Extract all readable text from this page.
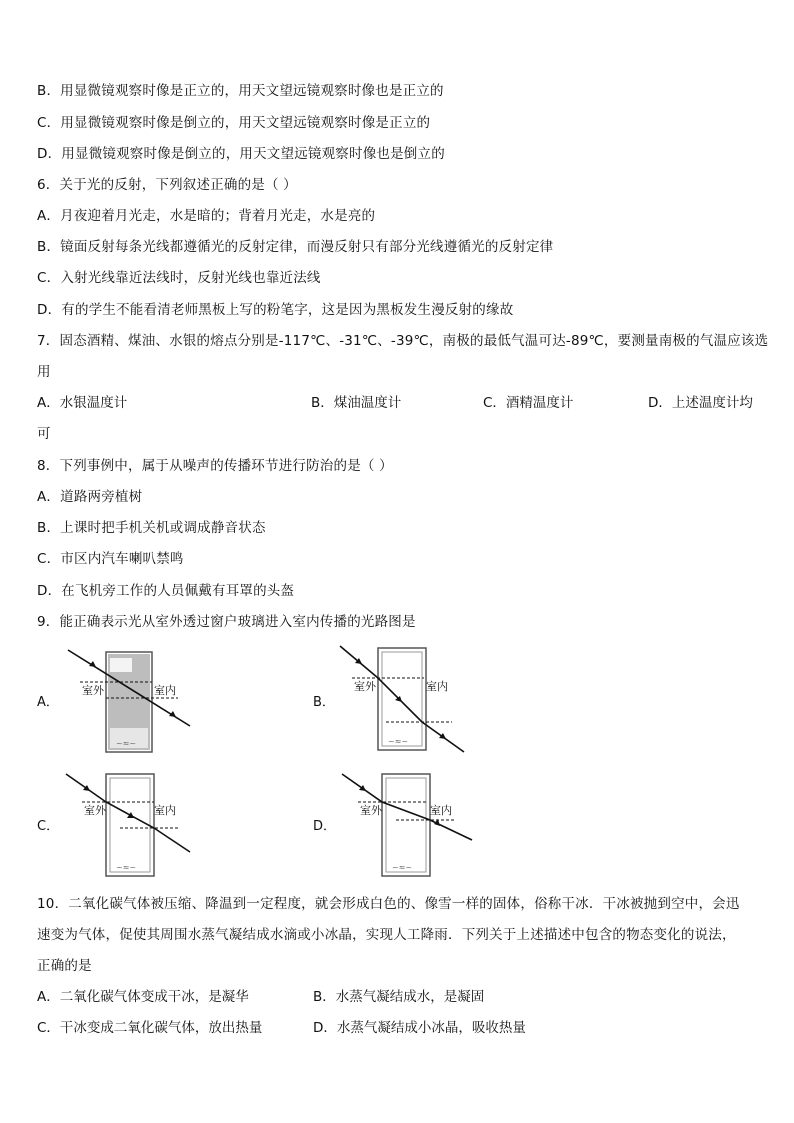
B．用显微镜观察时像是正立的，用天文望远镜观察时像也是正立的
C．用显微镜观察时像是倒立的，用天文望远镜观察时像是正立的
D．用显微镜观察时像是倒立的，用天文望远镜观察时像也是倒立的
6．关于光的反射，下列叙述正确的是（ ）
A．月夜迎着月光走，水是暗的；背着月光走，水是亮的
B．镜面反射每条光线都遵循光的反射定律，而漫反射只有部分光线遵循光的反射定律
C．入射光线靠近法线时，反射光线也靠近法线
D．有的学生不能看清老师黑板上写的粉笔字，这是因为黑板发生漫反射的缘故
7．固态酒精、煤油、水银的熔点分别是-117℃、-31℃、-39℃，南极的最低气温可达-89℃，要测量南极的气温应该选
用
A．水银温度计	B．煤油温度计	C．酒精温度计	D．上述温度计均
可
8．下列事例中，属于从噪声的传播环节进行防治的是（ ）
A．道路两旁植树
B．上课时把手机关机或调成静音状态
C．市区内汽车喇叭禁鸣
D．在飞机旁工作的人员佩戴有耳罩的头盔
9．能正确表示光从室外透过窗户玻璃进入室内传播的光路图是
A．
~≈~
室外	室内
B．
~≈~
室外	室内
C．
~≈~
室外	室内
D．
~≈~
室外	室内
10．二氧化碳气体被压缩、降温到一定程度，就会形成白色的、像雪一样的固体，俗称干冰．干冰被抛到空中，会迅
速变为气体，促使其周围水蒸气凝结成水滴或小冰晶，实现人工降雨．下列关于上述描述中包含的物态变化的说法，
正确的是
A．二氧化碳气体变成干冰，是凝华	B．水蒸气凝结成水，是凝固
C．干冰变成二氧化碳气体，放出热量	D．水蒸气凝结成小冰晶，吸收热量
